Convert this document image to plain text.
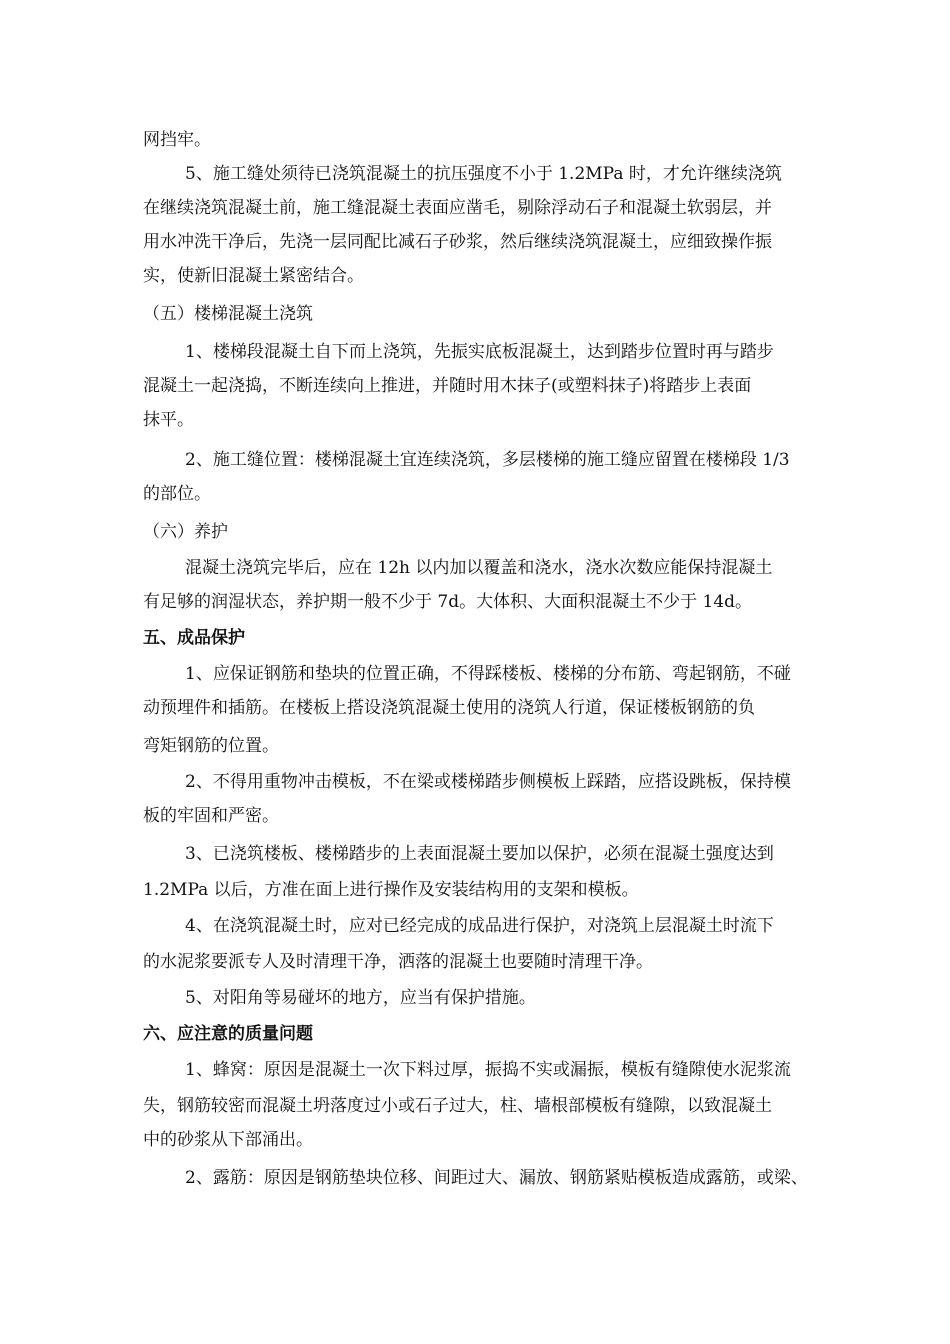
网挡牢。
5、施工缝处须待已浇筑混凝土的抗压强度不小于 1.2MPa 时，才允许继续浇筑
在继续浇筑混凝土前，施工缝混凝土表面应凿毛，剔除浮动石子和混凝土软弱层，并
用水冲洗干净后，先浇一层同配比减石子砂浆，然后继续浇筑混凝土，应细致操作振
实，使新旧混凝土紧密结合。
（五）楼梯混凝土浇筑
1、楼梯段混凝土自下而上浇筑，先振实底板混凝土，达到踏步位置时再与踏步
混凝土一起浇捣，不断连续向上推进，并随时用木抹子(或塑料抹子)将踏步上表面
抹平。
2、施工缝位置：楼梯混凝土宜连续浇筑，多层楼梯的施工缝应留置在楼梯段 1/3
的部位。
（六）养护
混凝土浇筑完毕后，应在 12h 以内加以覆盖和浇水，浇水次数应能保持混凝土
有足够的润湿状态，养护期一般不少于 7d。大体积、大面积混凝土不少于 14d。
五、成品保护
1、应保证钢筋和垫块的位置正确，不得踩楼板、楼梯的分布筋、弯起钢筋，不碰
动预埋件和插筋。在楼板上搭设浇筑混凝土使用的浇筑人行道，保证楼板钢筋的负
弯矩钢筋的位置。
2、不得用重物冲击模板，不在梁或楼梯踏步侧模板上踩踏，应搭设跳板，保持模
板的牢固和严密。
3、已浇筑楼板、楼梯踏步的上表面混凝土要加以保护，必须在混凝土强度达到
1.2MPa 以后，方准在面上进行操作及安装结构用的支架和模板。
4、在浇筑混凝土时，应对已经完成的成品进行保护，对浇筑上层混凝土时流下
的水泥浆要派专人及时清理干净，洒落的混凝土也要随时清理干净。
5、对阳角等易碰坏的地方，应当有保护措施。
六、应注意的质量问题
1、蜂窝：原因是混凝土一次下料过厚，振捣不实或漏振，模板有缝隙使水泥浆流
失，钢筋较密而混凝土坍落度过小或石子过大，柱、墙根部模板有缝隙，以致混凝土
中的砂浆从下部涌出。
2、露筋：原因是钢筋垫块位移、间距过大、漏放、钢筋紧贴模板造成露筋，或梁、
